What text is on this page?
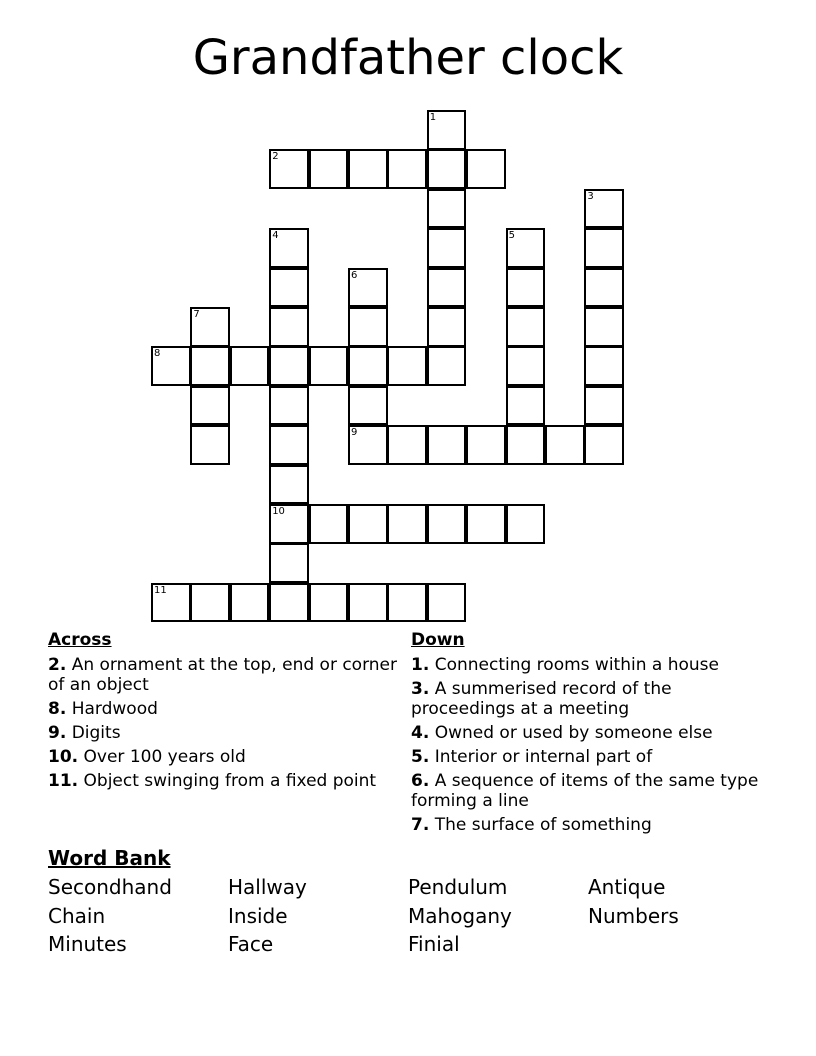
Grandfather clock
1
2
3
4	5
6
7
8
9
10
11
Across
2. An ornament at the top, end or corner of an object
8. Hardwood
9. Digits
10. Over 100 years old
11. Object swinging from a fixed point
Down
1. Connecting rooms within a house
3. A summerised record of the proceedings at a meeting
4. Owned or used by someone else
5. Interior or internal part of
6. A sequence of items of the same type forming a line
7. The surface of something
Word Bank
Secondhand	Hallway	Pendulum	Antique
Chain	Inside	Mahogany	Numbers
Minutes	Face	Finial
